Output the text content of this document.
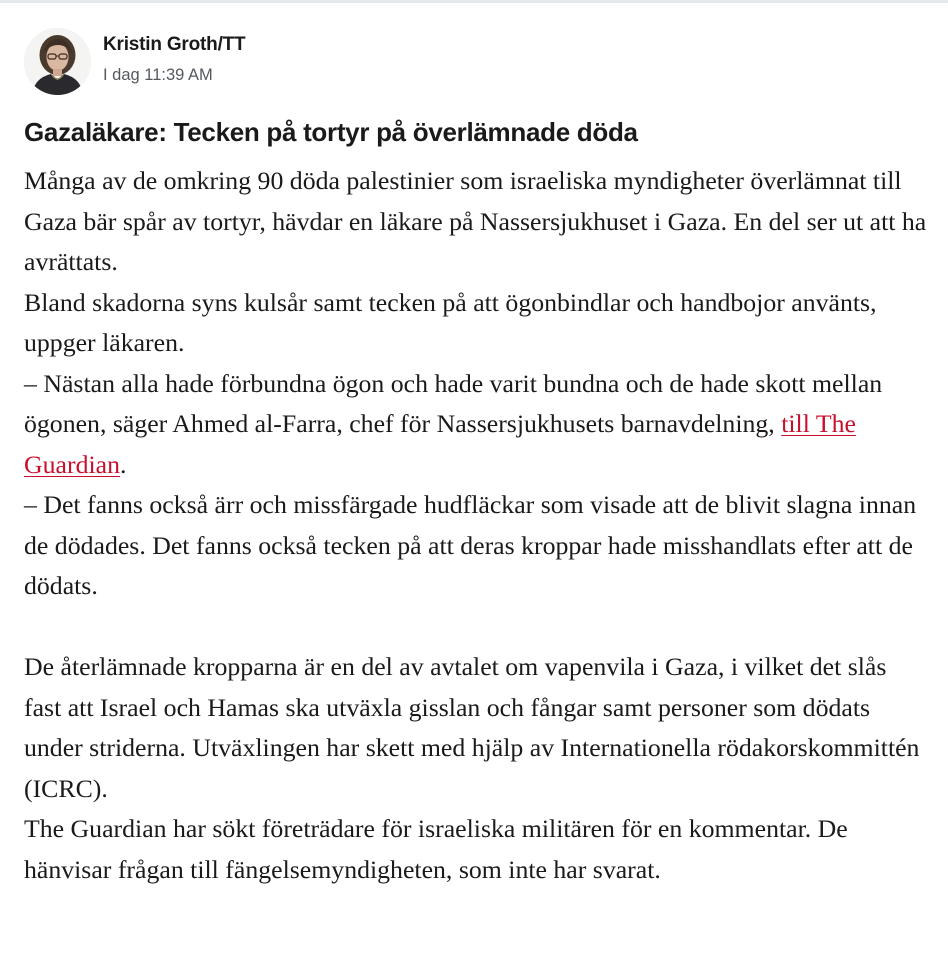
Kristin Groth/TT
I dag 11:39 AM
Gazaläkare: Tecken på tortyr på överlämnade döda

Många av de omkring 90 döda palestinier som israeliska myndigheter överlämnat till Gaza bär spår av tortyr, hävdar en läkare på Nassersjukhuset i Gaza. En del ser ut att ha avrättats.

Bland skadorna syns kulsår samt tecken på att ögonbindlar och handbojor använts, uppger läkaren.

– Nästan alla hade förbundna ögon och hade varit bundna och de hade skott mellan ögonen, säger Ahmed al-Farra, chef för Nassersjukhusets barnavdelning, till The Guardian.

– Det fanns också ärr och missfärgade hudfläckar som visade att de blivit slagna innan de dödades. Det fanns också tecken på att deras kroppar hade misshandlats efter att de dödats.

De återlämnade kropparna är en del av avtalet om vapenvila i Gaza, i vilket det slås fast att Israel och Hamas ska utväxla gisslan och fångar samt personer som dödats under striderna. Utväxlingen har skett med hjälp av Internationella rödakorskommittén (ICRC).

The Guardian har sökt företrädare för israeliska militären för en kommentar. De hänvisar frågan till fängelsemyndigheten, som inte har svarat.
